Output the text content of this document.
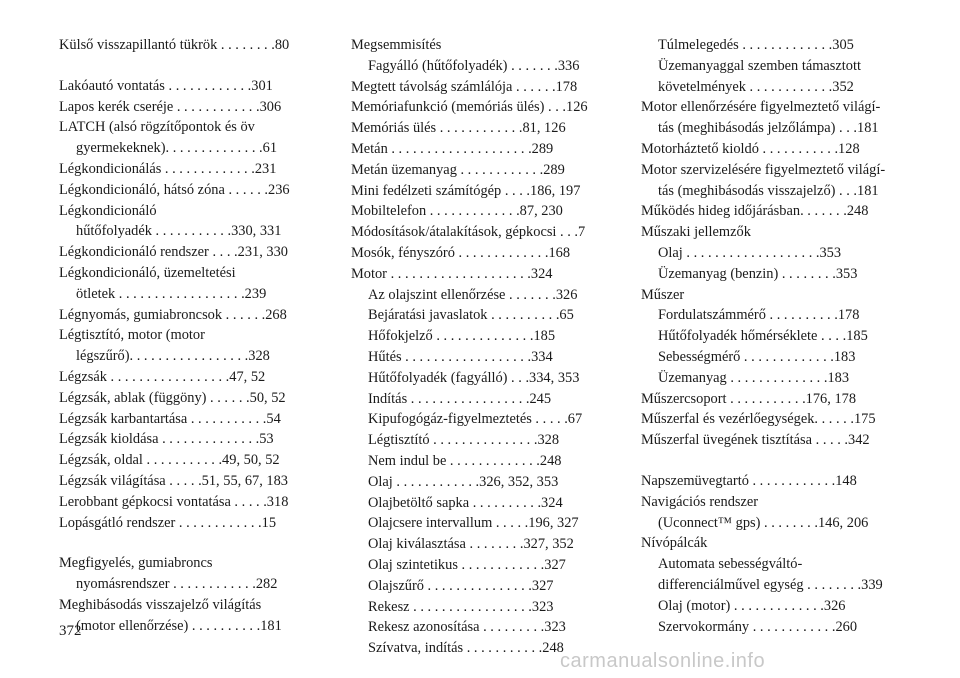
Külső visszapillantó tükrök . . . . . . . .80
Lakóautó vontatás . . . . . . . . . . . .301
Lapos kerék cseréje . . . . . . . . . . . .306
LATCH (alsó rögzítőpontok és öv
gyermekeknek). . . . . . . . . . . . . .61
Légkondicionálás . . . . . . . . . . . . .231
Légkondicionáló, hátsó zóna . . . . . .236
Légkondicionáló
hűtőfolyadék . . . . . . . . . . .330, 331
Légkondicionáló rendszer . . . .231, 330
Légkondicionáló, üzemeltetési
ötletek . . . . . . . . . . . . . . . . . .239
Légnyomás, gumiabroncsok . . . . . .268
Légtisztító, motor (motor
légszűrő). . . . . . . . . . . . . . . . .328
Légzsák . . . . . . . . . . . . . . . . .47, 52
Légzsák, ablak (függöny) . . . . . .50, 52
Légzsák karbantartása . . . . . . . . . . .54
Légzsák kioldása . . . . . . . . . . . . . .53
Légzsák, oldal . . . . . . . . . . .49, 50, 52
Légzsák világítása . . . . .51, 55, 67, 183
Lerobbant gépkocsi vontatása . . . . .318
Lopásgátló rendszer . . . . . . . . . . . .15
Megfigyelés, gumiabroncs
nyomásrendszer . . . . . . . . . . . .282
Meghibásodás visszajelző világítás
(motor ellenőrzése) . . . . . . . . . .181
Megsemmisítés
Fagyálló (hűtőfolyadék) . . . . . . .336
Megtett távolság számlálója . . . . . .178
Memóriafunkció (memóriás ülés) . . .126
Memóriás ülés . . . . . . . . . . . .81, 126
Metán . . . . . . . . . . . . . . . . . . . .289
Metán üzemanyag . . . . . . . . . . . .289
Mini fedélzeti számítógép . . . .186, 197
Mobiltelefon . . . . . . . . . . . . .87, 230
Módosítások/átalakítások, gépkocsi . . .7
Mosók, fényszóró . . . . . . . . . . . . .168
Motor . . . . . . . . . . . . . . . . . . . .324
Az olajszint ellenőrzése . . . . . . .326
Bejáratási javaslatok . . . . . . . . . .65
Hőfokjelző . . . . . . . . . . . . . .185
Hűtés . . . . . . . . . . . . . . . . . .334
Hűtőfolyadék (fagyálló) . . .334, 353
Indítás . . . . . . . . . . . . . . . . .245
Kipufogógáz-figyelmeztetés . . . . .67
Légtisztító . . . . . . . . . . . . . . .328
Nem indul be . . . . . . . . . . . . .248
Olaj . . . . . . . . . . . .326, 352, 353
Olajbetöltő sapka . . . . . . . . . .324
Olajcsere intervallum . . . . .196, 327
Olaj kiválasztása . . . . . . . .327, 352
Olaj szintetikus . . . . . . . . . . . .327
Olajszűrő . . . . . . . . . . . . . . .327
Rekesz . . . . . . . . . . . . . . . . .323
Rekesz azonosítása . . . . . . . . .323
Szívatva, indítás . . . . . . . . . . .248
Túlmelegedés . . . . . . . . . . . . .305
Üzemanyaggal szemben támasztott
követelmények . . . . . . . . . . . .352
Motor ellenőrzésére figyelmeztető világí-
tás (meghibásodás jelzőlámpa) . . .181
Motorháztető kioldó . . . . . . . . . . .128
Motor szervizelésére figyelmeztető világí-
tás (meghibásodás visszajelző) . . .181
Működés hideg időjárásban. . . . . . .248
Műszaki jellemzők
Olaj . . . . . . . . . . . . . . . . . . .353
Üzemanyag (benzin) . . . . . . . .353
Műszer
Fordulatszámmérő . . . . . . . . . .178
Hűtőfolyadék hőmérséklete . . . .185
Sebességmérő . . . . . . . . . . . . .183
Üzemanyag . . . . . . . . . . . . . .183
Műszercsoport . . . . . . . . . . .176, 178
Műszerfal és vezérlőegységek. . . . . .175
Műszerfal üvegének tisztítása . . . . .342
Napszemüvegtartó . . . . . . . . . . . .148
Navigációs rendszer
(Uconnect™ gps) . . . . . . . .146, 206
Nívópálcák
Automata sebességváltó-
differenciálművel egység . . . . . . . .339
Olaj (motor) . . . . . . . . . . . . .326
Szervokormány . . . . . . . . . . . .260
372
carmanualsonline.info
